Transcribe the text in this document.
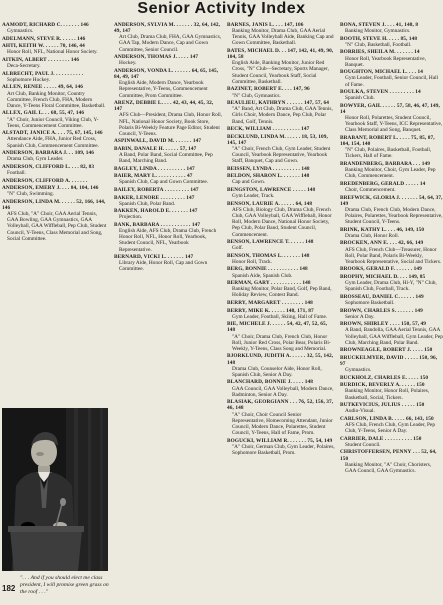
Senior Activity Index
AAMODT, RICHARD C. . . . . . . 146
Gymnastics.
ADELMANN, STEVE R. . . . . . 146
AHTI, KEITH W. . . . . . 70, 146, 44
Honor Roll, NFL, National Honor Society.
AITKIN, ALBERT . . . . . . . . 146
Deca-Secretary.
ALBRECHT, PAUL J. . . . . . . . . . .
Sophomore Hockey.
ALLEN, RENEE . . . . . 49, 64, 146
Art Club, Banking Monitor, Country Committee, French Club, FHA, Modern Dance, Y-Teens Floral Committee, Basketball.
ALLEX, GAIL L. . . 68, 55, 47, 146
"A" Choir, Junior Council, Viking Club, Y-Teens, Commencement Committee.
ALSTADT, JANICE A. . . . 75, 67, 145, 146
Attendance Aide, FHA, Junior Red Cross, Spanish Club, Commencement Committee.
ANDERSON, BARBARA J. . . 109, 146
Drama Club, Gym Leader.
ANDERSON, CLIFFORD L. . . . 82, 83
Football.
ANDERSON, CLIFFORD A. . . . . . .
ANDERSON, EMERY J. . . . 84, 104, 146
"N" Club, Swimming.
ANDERSON, LINDA M. . . . . . 52, 166, 144, 146
AFS Club, "A" Choir, GAA Aerial Tennis, GAA Bowling, GAA Gymnastics, GAA Volleyball, GAA Wiffleball, Pep Club, Student Council, Y-Teens, Class Memorial and Song, Social Committee.
ANDERSON, SYLVIA M. . . . . . . 32, 64, 142, 49, 147
Art Club, Drama Club, FHA, GAA Gymnastics, GAA Tap, Modern Dance, Cap and Gown Committee, Senior Council.
ANDERSON, THOMAS J. . . . . 147
Hockey.
ANDERSON, VONDA L. . . . . . . 64, 65, 145, 84, 49, 147
English Aide, Modern Dance, Yearbook Representative, Y-Teens, Commencement Committee, Prom Committee.
ARENZ, DEBBIE L. . . . 42, 43, 44, 45, 32, 147
AFS Club—President, Drama Club, Honor Roll, NFL, National Honor Society, Book Store, Polaris Bi-Weekly Feature Page Editor, Student Council, Y-Teens.
ASPINWALL, DAVID M. . . . . . . 147
BABIN, DANALE H. . . . . . 57, 147
A Band, Polar Band, Social Committee, Pep Band, Marching Band.
BAGLEY, LINDA . . . . . . . . . . 147
BAIER, MARY L. . . . . . . . . . . 47
Spanish Club, Cap and Gown Committee.
BAILEY, ROBERTA . . . . . . . . . 147
BAKER, LENORE . . . . . . . . . 147
Spanish Club, Polar Band.
BAKKEN, HAROLD E. . . . . . . 147
Projection.
BANK, BARBARA . . . . . . . . . . . 147
English Aide, AFS Club, Drama Club, French Honor Roll, NFL, Honor Roll, Yearbook, Student Council, NFL, Yearbook Representative.
BERNARD, VICKI L. . . . . . . 147
Library Aide, Honor Roll, Cap and Gown Committee.
BARNES, JANIS L. . . . 147, 106
Banking Monitor, Drama Club, GAA Aerial Tennis, GAA Volleyball Aide, Banking Cap and Gown Committee, Basketball.
BATES, MICHAEL D. . . 147, 142, 41, 49, 90, 104, 58
English Aide, Banking Monitor, Junior Red Cross, "N" Club—Secretary, Sports Manager, Student Council, Yearbook Staff, Social Committee, Basketball.
BAZINET, ROBERT E. . . . 147, 96
"N" Club, Gymnastics.
BEAULIEU, KATHRYN . . . . . . 147, 57, 64
"A" Band, Art Club, Drama Club, GAA Tennis, Girls Choir, Modern Dance, Pep Club, Polar Band, Golf, Tennis.
BECK, WILLIAM . . . . . . . . . . 147
BECKLUND, LINDA M. . . . . . 18, 53, 109, 145, 147
"A" Choir, French Club, Gym Leader, Student Council, Yearbook Representative, Yearbook Staff, Banquet, Cap and Gown.
BEISSEN, LYNDA . . . . . . . . . . 148
BELDON, SHARON L. . . . . . . 148
Cap and Gown.
BENGSTON, LAWRENCE . . . . . 148
Gym Leader, Track.
BENSON, LAURIE A. . . . . . 64, 148
AFS Club, Biology Club, Drama Club, French Club, GAA Volleyball, GAA Wiffleball, Honor Roll, Modern Dance, National Honor Society, Pep Club, Polar Band, Student Council, Commencement.
BENSON, LAWRENCE T. . . . . . 148
Golf.
BENSON, THOMAS L. . . . . . . 148
Honor Roll, Track.
BERG, BONNIE . . . . . . . . . . . 148
Spanish Aide, Spanish Club.
BERMAN, GARY . . . . . . . . . . . 148
Banking Monitor, Polar Band, Golf, Pep Band, Holiday Review, Contest Band.
BERRY, MARGARET . . . . . . . . 148
BERRY, MIKE K. . . . . . 148, 171, 87
Gym Leader, Football, Skiing, Hall of Fame.
BIE, MICHELE J. . . . . . 54, 42, 47, 52, 65, 148
"A" Choir, Drama Club, French Club, Honor Roll, Junior Red Cross, Polar Bear, Polaris Bi-Weekly, Y-Teens, Class Song and Memorial.
BJORKLUND, JUDITH A. . . . . . 32, 55, 142, 148
Drama Club, Counselor Aide, Honor Roll, Spanish Club, Senior A Day.
BLANCHARD, BONNIE J. . . . . 148
GAA Council, GAA Volleyball, Modern Dance, Badminton, Senior A Day.
BLASIAK, GEORGIANN . . . 76, 52, 156, 37, 46, 148
"A" Choir, Choir Council Senior Representative, Homecoming Attendant, Junior Council, Modern Dance, Polarettes, Student Council, Y-Teens, Hall of Fame, Prom.
BOGUCKI, WILLIAM R. . . . . . . 75, 54, 149
"A" Choir, German Club, Gym Leader, Polaires, Sophomore Basketball, Prom.
BONA, STEVEN J. . . . 41, 148, 8
Banking Monitor, Gymnastics.
BOOTH, STEVE H. . . . . 85, 148
"N" Club, Basketball, Football.
BORRIES, SHEILA M. . . . . . . 14
Honor Roll, Yearbook Representative, Banquet.
BOUGHTON, MICHAEL L. . . . 14
Gym Leader, Football, Senior Council, Hall of Fame.
BOULKA, STEVEN . . . . . . . . . 14
Spanish Club.
BOWYER, GAIL . . . . . 57, 58, 46, 47, 149, 14
Honor Roll, Polarettes, Student Council, Yearbook Staff, Y-Teens, ICC Representative, Class Memorial and Song, Banquet.
BRABANT, ROBERT L. . . . . 75, 85, 87, 104, 154, 140
"N" Club, Polaires, Basketball, Football, Tickers, Hall of Fame.
BRANDENBERG, BARBARA . . . 149
Banking Monitor, Choir, Gym Leader, Pep Club, Commencement.
BREDENBERG, GERALD . . . . . 14
Choir, Commencement.
BREFWICK, GLORIA J. . . . . . . 54, 64, 37, 149
Drama Club, French Club, Modern Dance, Polaires, Polarettes, Yearbook Representative, Student Council, Y-Teens.
BRINK, KATHY L. . . . 46, 149, 150
Drama Club, Honor Roll.
BROCKEN, ANN E. . . . 42, 66, 149
AFS Club, French Club—Treasurer, Honor Roll, Polar Band, Polaris Bi-Weekly, Yearbook Representative, Social and Tickers.
BROOKS, GERALD F. . . . . . . 149
BROPHY, MICHAEL D. . . . 149, 85
Gym Leader, Drama Club, Hi-Y, "N" Club, Spanish Club, Football, Track.
BROSSEAU, DANIEL C. . . . . . 149
Sophomore Basketball.
BROWN, CHARLES S. . . . . . . 149
Senior A Day.
BROWN, SHIRLEY . . . . 150, 57, 49
A Band, Bandolla, GAA Aerial Tennis, GAA Volleyball, GAA Wiffleball, Gym Leader, Pep Club, Marching Band, Polar Band.
BROWNEAGLE, ROBERT J. . . . . 150
BRUCKELMYER, DAVID . . . . . 150, 96, 97
Gymnastics.
BUCKHOLZ, CHARLES E. . . . . 150
BURDICK, BEVERLY A. . . . . . 150
Banking Monitor, Honor Roll, Polaires, Basketball, Social, Tickers.
BUTKEVICIUS, JULIUS . . . . . 150
Audio-Visual.
CARLSON, LINDA B. . . . . 66, 143, 150
AFS Club, French Club, Gym Leader, Pep Club, Y-Teens, Senior A Day.
CARRIER, DALE . . . . . . . . . . 150
Student Council.
CHRISTOFFERSEN, PENNY . . . 52, 64, 150
Banking Monitor, "A" Choir, Choristers, GAA Council, GAA Gymnastics.
182
". . . And if you should elect me class president, I will promise green grass on the roof . . ."
